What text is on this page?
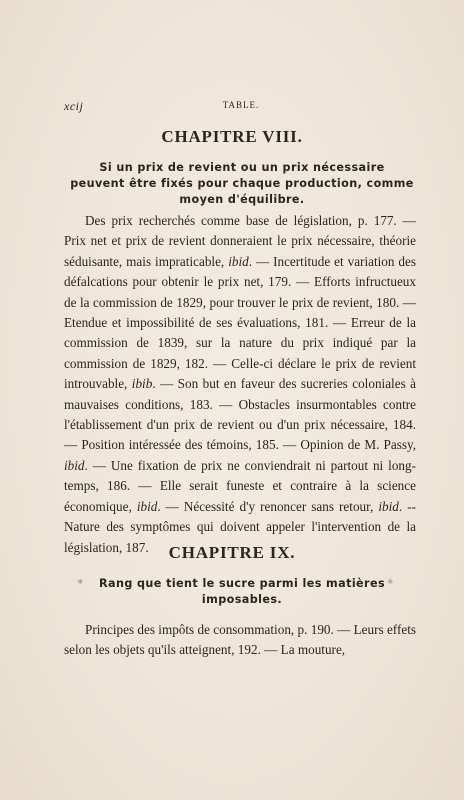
xcij	TABLE.
CHAPITRE VIII.
Si un prix de revient ou un prix nécessaire peuvent être fixés pour chaque production, comme moyen d'équilibre.
Des prix recherchés comme base de législation, p. 177. — Prix net et prix de revient donneraient le prix nécessaire, théorie séduisante, mais impraticable, ibid. — Incertitude et variation des défalcations pour obtenir le prix net, 179. — Efforts infructueux de la commission de 1829, pour trouver le prix de revient, 180. — Etendue et impossibilité de ses évaluations, 181. — Erreur de la commission de 1839, sur la nature du prix indiqué par la commission de 1829, 182. — Celle-ci déclare le prix de revient introuvable, ibib. — Son but en faveur des sucreries coloniales à mauvaises conditions, 183. — Obstacles insurmontables contre l'établissement d'un prix de revient ou d'un prix nécessaire, 184. — Position intéressée des témoins, 185. — Opinion de M. Passy, ibid. — Une fixation de prix ne conviendrait ni partout ni long-temps, 186. — Elle serait funeste et contraire à la science économique, ibid. — Nécessité d'y renoncer sans retour, ibid. -- Nature des symptômes qui doivent appeler l'intervention de la législation, 187.	CHAPITRE IX.
Rang que tient le sucre parmi les matières imposables.
Principes des impôts de consommation, p. 190. — Leurs effets selon les objets qu'ils atteignent, 192. — La mouture,
⁕	⁕
